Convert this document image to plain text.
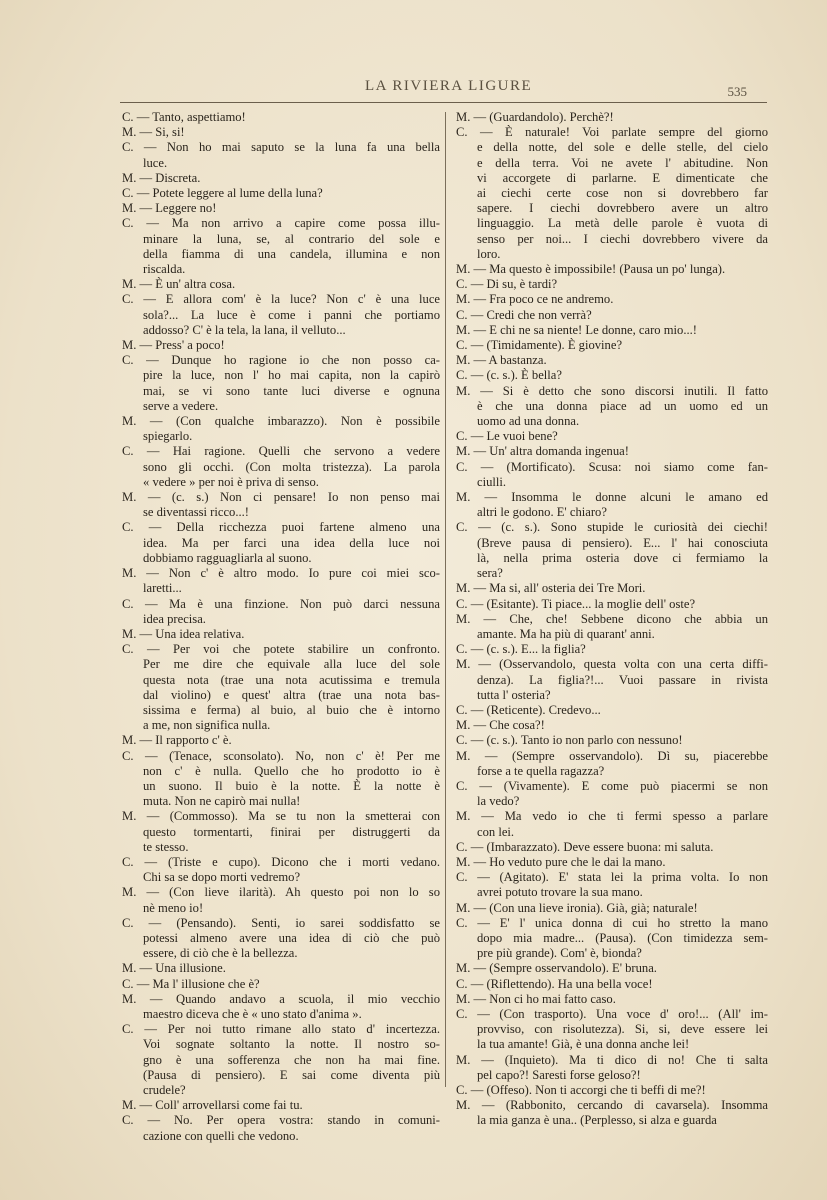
LA RIVIERA LIGURE	535
C. — Tanto, aspettiamo!
M. — Si, si!
C. — Non ho mai saputo se la luna fa una bella
luce.
M. — Discreta.
C. — Potete leggere al lume della luna?
M. — Leggere no!
C. — Ma non arrivo a capire come possa illu-
minare la luna, se, al contrario del sole e
della fiamma di una candela, illumina e non
riscalda.
M. — È un' altra cosa.
C. — E allora com' è la luce? Non c' è una luce
sola?... La luce è come i panni che portiamo
addosso? C' è la tela, la lana, il velluto...
M. — Press' a poco!
C. — Dunque ho ragione io che non posso ca-
pire la luce, non l' ho mai capita, non la capirò
mai, se vi sono tante luci diverse e ognuna
serve a vedere.
M. — (Con qualche imbarazzo). Non è possibile
spiegarlo.
C. — Hai ragione. Quelli che servono a vedere
sono gli occhi. (Con molta tristezza). La parola
« vedere » per noi è priva di senso.
M. — (c. s.) Non ci pensare! Io non penso mai
se diventassi ricco...!
C. — Della ricchezza puoi fartene almeno una
idea. Ma per farci una idea della luce noi
dobbiamo ragguagliarla al suono.
M. — Non c' è altro modo. Io pure coi miei sco-
laretti...
C. — Ma è una finzione. Non può darci nessuna
idea precisa.
M. — Una idea relativa.
C. — Per voi che potete stabilire un confronto.
Per me dire che equivale alla luce del sole
questa nota (trae una nota acutissima e tremula
dal violino) e quest' altra (trae una nota bas-
sissima e ferma) al buio, al buio che è intorno
a me, non significa nulla.
M. — Il rapporto c' è.
C. — (Tenace, sconsolato). No, non c' è! Per me
non c' è nulla. Quello che ho prodotto io è
un suono. Il buio è la notte. È la notte è
muta. Non ne capirò mai nulla!
M. — (Commosso). Ma se tu non la smetterai con
questo tormentarti, finirai per distruggerti da
te stesso.
C. — (Triste e cupo). Dicono che i morti vedano.
Chi sa se dopo morti vedremo?
M. — (Con lieve ilarità). Ah questo poi non lo so
nè meno io!
C. — (Pensando). Senti, io sarei soddisfatto se
potessi almeno avere una idea di ciò che può
essere, di ciò che è la bellezza.
M. — Una illusione.
C. — Ma l' illusione che è?
M. — Quando andavo a scuola, il mio vecchio
maestro diceva che è « uno stato d'anima ».
C. — Per noi tutto rimane allo stato d' incertezza.
Voi sognate soltanto la notte. Il nostro so-
gno è una sofferenza che non ha mai fine.
(Pausa di pensiero). E sai come diventa più
crudele?
M. — Coll' arrovellarsi come fai tu.
C. — No. Per opera vostra: stando in comuni-
cazione con quelli che vedono.
M. — (Guardandolo). Perchè?!
C. — È naturale! Voi parlate sempre del giorno
e della notte, del sole e delle stelle, del cielo
e della terra. Voi ne avete l' abitudine. Non
vi accorgete di parlarne. E dimenticate che
ai ciechi certe cose non si dovrebbero far
sapere. I ciechi dovrebbero avere un altro
linguaggio. La metà delle parole è vuota di
senso per noi... I ciechi dovrebbero vivere da
loro.
M. — Ma questo è impossibile! (Pausa un po' lunga).
C. — Di su, è tardi?
M. — Fra poco ce ne andremo.
C. — Credi che non verrà?
M. — E chi ne sa niente! Le donne, caro mio...!
C. — (Timidamente). È giovine?
M. — A bastanza.
C. — (c. s.). È bella?
M. — Si è detto che sono discorsi inutili. Il fatto
è che una donna piace ad un uomo ed un
uomo ad una donna.
C. — Le vuoi bene?
M. — Un' altra domanda ingenua!
C. — (Mortificato). Scusa: noi siamo come fan-
ciulli.
M. — Insomma le donne alcuni le amano ed
altri le godono. E' chiaro?
C. — (c. s.). Sono stupide le curiosità dei ciechi!
(Breve pausa di pensiero). E... l' hai conosciuta
là, nella prima osteria dove ci fermiamo la
sera?
M. — Ma si, all' osteria dei Tre Mori.
C. — (Esitante). Ti piace... la moglie dell' oste?
M. — Che, che! Sebbene dicono che abbia un
amante. Ma ha più di quarant' anni.
C. — (c. s.). E... la figlia?
M. — (Osservandolo, questa volta con una certa diffi-
denza). La figlia?!... Vuoi passare in rivista
tutta l' osteria?
C. — (Reticente). Credevo...
M. — Che cosa?!
C. — (c. s.). Tanto io non parlo con nessuno!
M. — (Sempre osservandolo). Dì su, piacerebbe
forse a te quella ragazza?
C. — (Vivamente). E come può piacermi se non
la vedo?
M. — Ma vedo io che ti fermi spesso a parlare
con lei.
C. — (Imbarazzato). Deve essere buona: mi saluta.
M. — Ho veduto pure che le dai la mano.
C. — (Agitato). E' stata lei la prima volta. Io non
avrei potuto trovare la sua mano.
M. — (Con una lieve ironia). Già, già; naturale!
C. — E' l' unica donna di cui ho stretto la mano
dopo mia madre... (Pausa). (Con timidezza sem-
pre più grande). Com' è, bionda?
M. — (Sempre osservandolo). E' bruna.
C. — (Riflettendo). Ha una bella voce!
M. — Non ci ho mai fatto caso.
C. — (Con trasporto). Una voce d' oro!... (All' im-
provviso, con risolutezza). Si, si, deve essere lei
la tua amante! Già, è una donna anche lei!
M. — (Inquieto). Ma ti dico di no! Che ti salta
pel capo?! Saresti forse geloso?!
C. — (Offeso). Non ti accorgi che ti beffi di me?!
M. — (Rabbonito, cercando di cavarsela). Insomma
la mia ganza è una.. (Perplesso, si alza e guarda
